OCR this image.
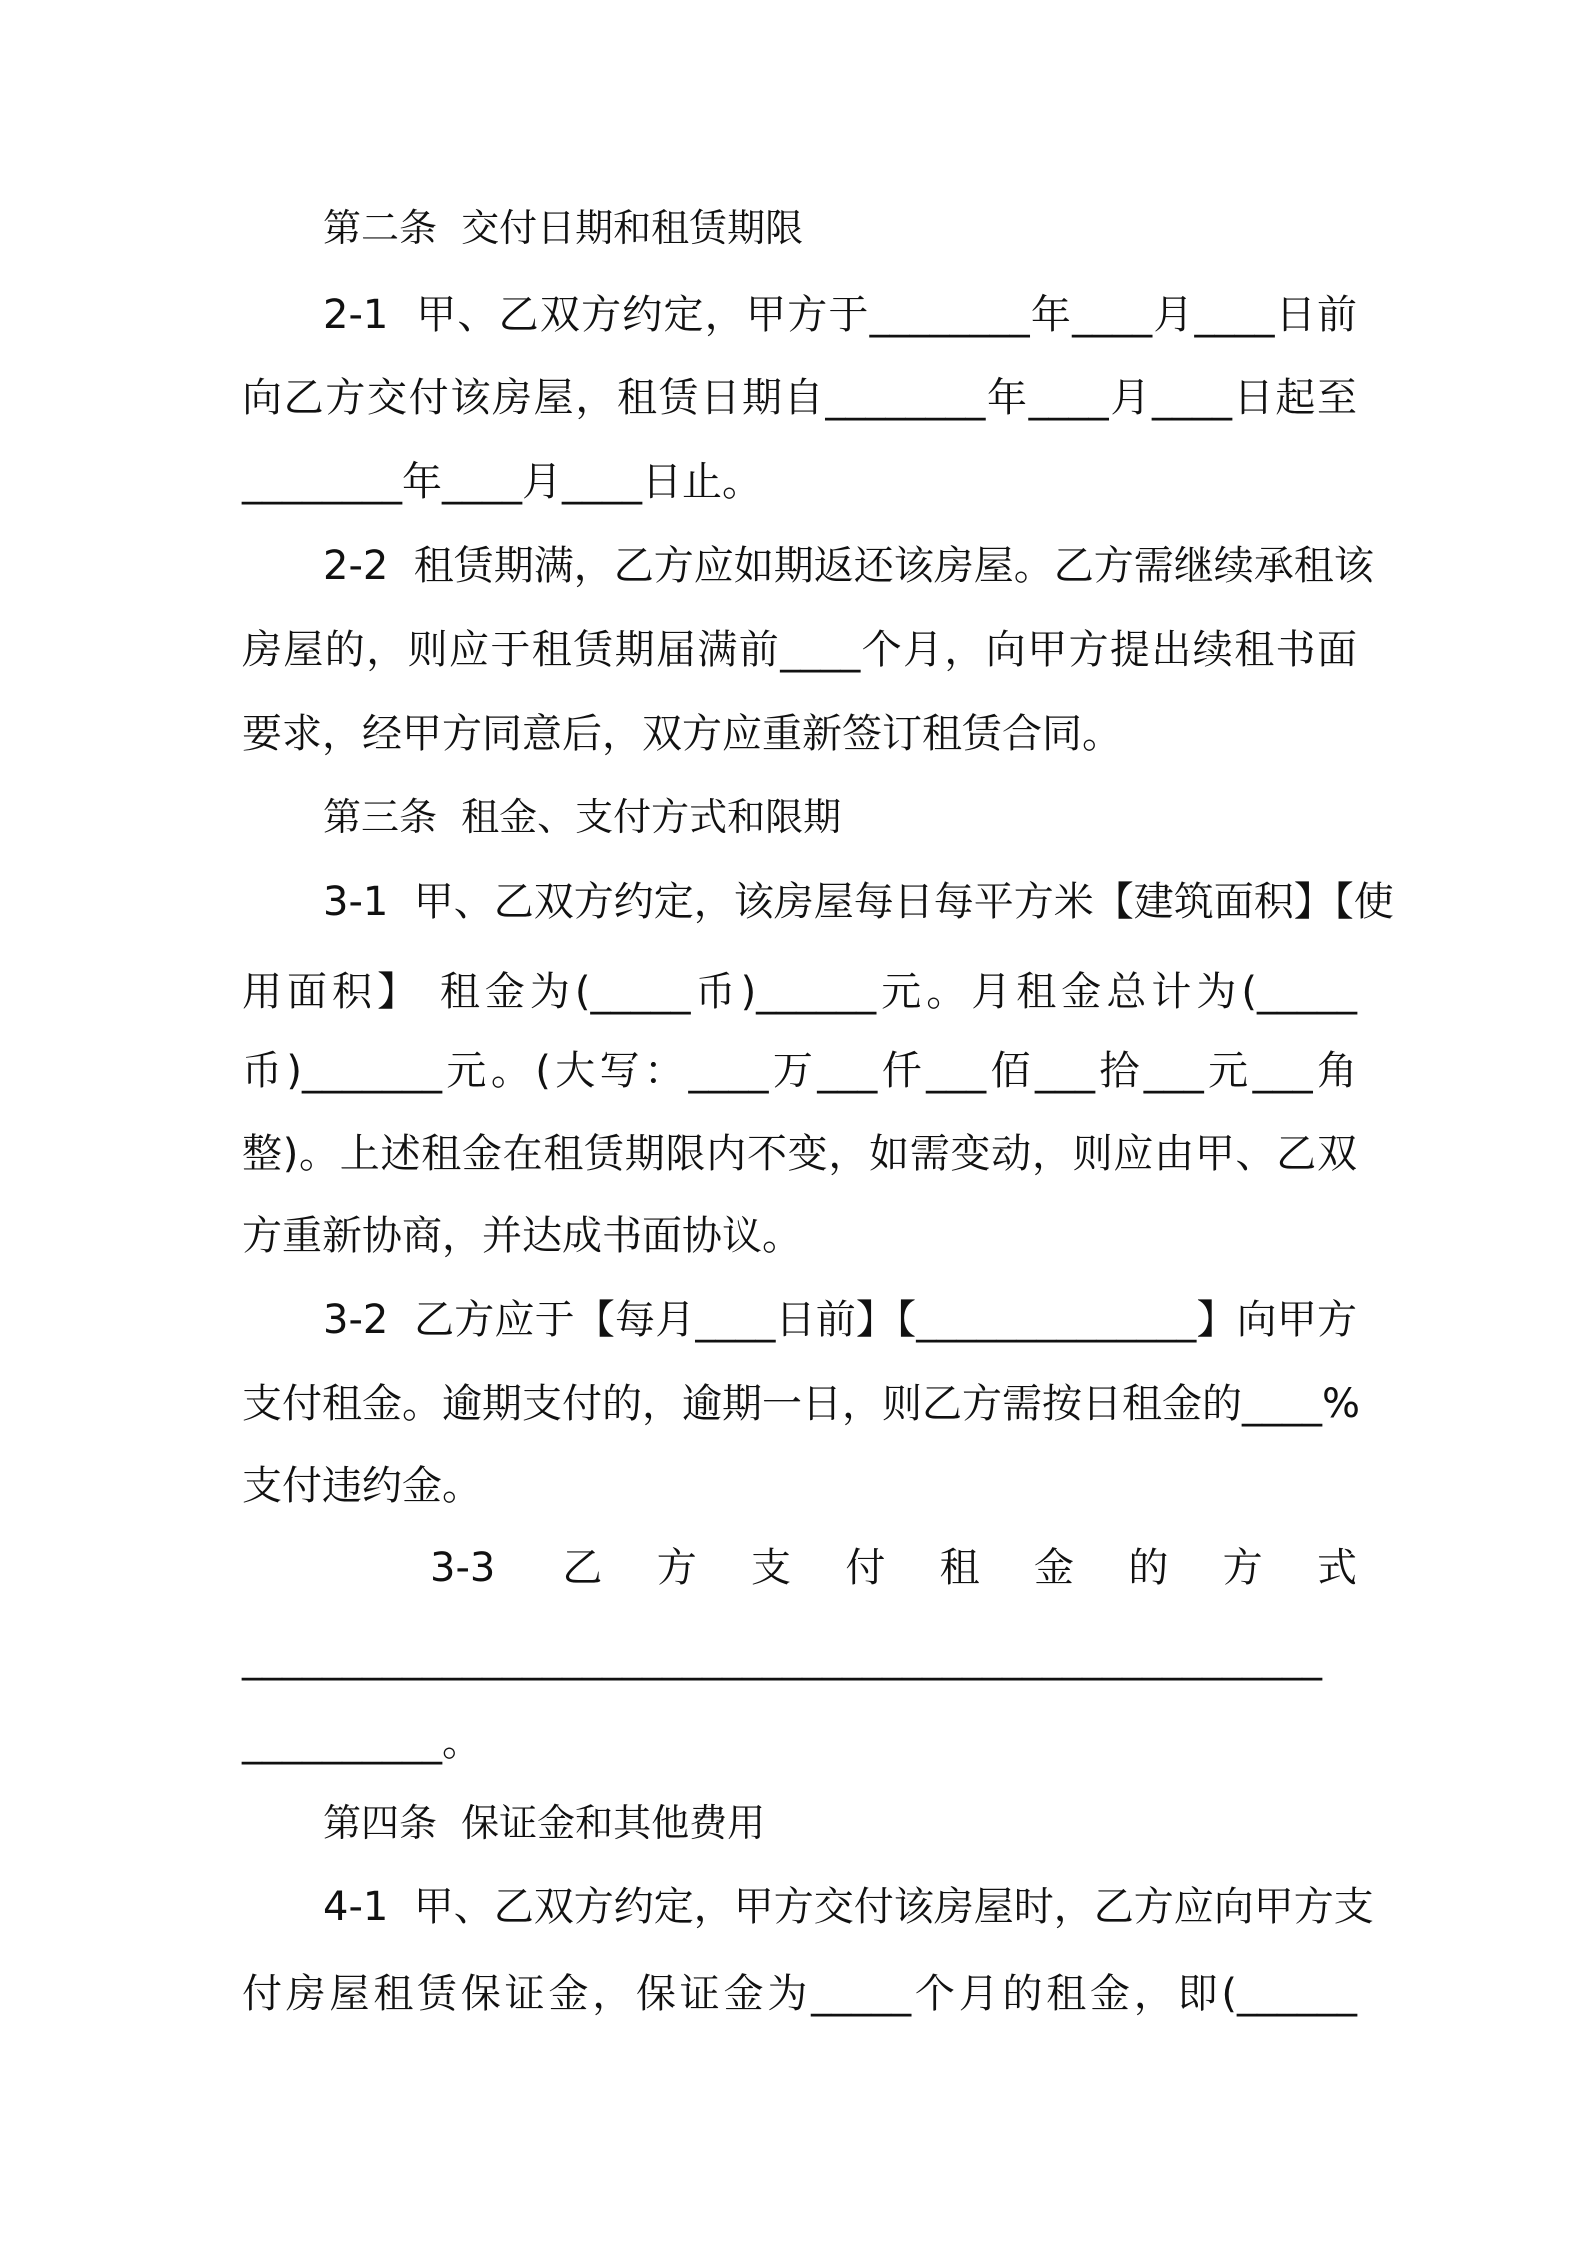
第二条  交付日期和租赁期限
2-1  甲、乙双方约定，甲方于________年____月____日前
向乙方交付该房屋，租赁日期自________年____月____日起至
________年____月____日止。
2-2  租赁期满，乙方应如期返还该房屋。乙方需继续承租该
房屋的，则应于租赁期届满前____个月，向甲方提出续租书面
要求，经甲方同意后，双方应重新签订租赁合同。
第三条  租金、支付方式和限期
3-1  甲、乙双方约定，该房屋每日每平方米【建筑面积】【使
用面积】 租金为(_____币)______元。月租金总计为(_____
币)_______元。(大写：____万___仟___佰___拾___元___角
整)。上述租金在租赁期限内不变，如需变动，则应由甲、乙双
方重新协商，并达成书面协议。
3-2  乙方应于【每月____日前】【______________】向甲方
支付租金。逾期支付的，逾期一日，则乙方需按日租金的____%
支付违约金。
3-3  乙 方 支 付 租 金 的 方 式
______________________________________________________
__________。
第四条  保证金和其他费用
4-1  甲、乙双方约定，甲方交付该房屋时，乙方应向甲方支
付房屋租赁保证金，保证金为_____个月的租金，即(______
